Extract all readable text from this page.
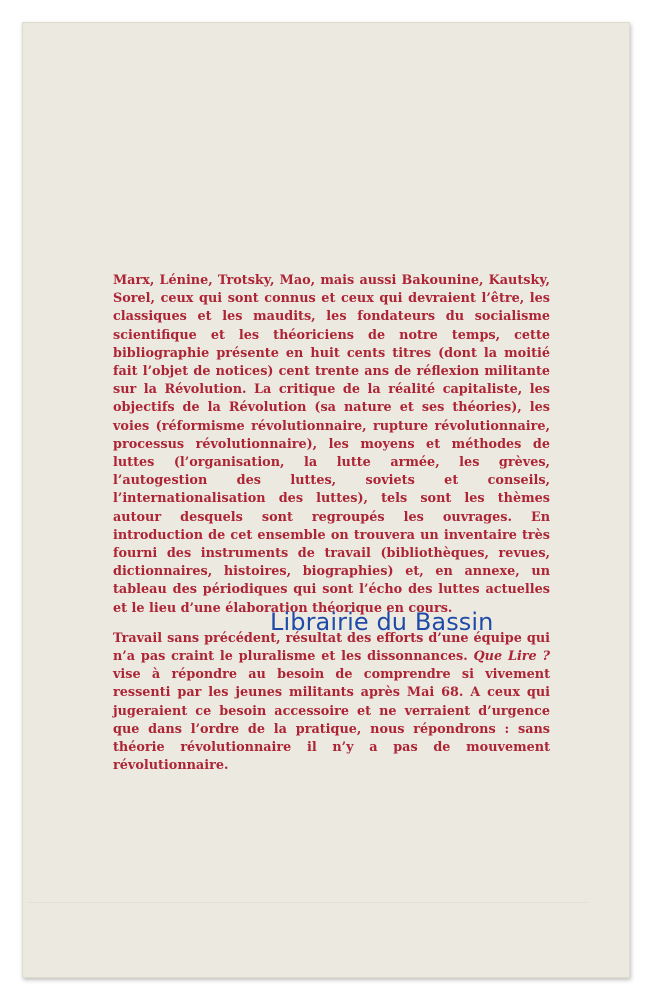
Marx, Lénine, Trotsky, Mao, mais aussi Bakounine, Kautsky, Sorel, ceux qui sont connus et ceux qui devraient l’être, les classiques et les maudits, les fondateurs du socialisme scientifique et les théoriciens de notre temps, cette bibliographie présente en huit cents titres (dont la moitié fait l’objet de notices) cent trente ans de réflexion militante sur la Révolution. La critique de la réalité capitaliste, les objectifs de la Révolution (sa nature et ses théories), les voies (réformisme révolutionnaire, rupture révolutionnaire, processus révolutionnaire), les moyens et méthodes de luttes (l’organisation, la lutte armée, les grèves, l’autogestion des luttes, soviets et conseils, l’internationalisation des luttes), tels sont les thèmes autour desquels sont regroupés les ouvrages. En introduction de cet ensemble on trouvera un inventaire très fourni des instruments de travail (bibliothèques, revues, dictionnaires, histoires, biographies) et, en annexe, un tableau des périodiques qui sont l’écho des luttes actuelles et le lieu d’une élaboration théorique en cours.
Travail sans précédent, résultat des efforts d’une équipe qui n’a pas craint le pluralisme et les dissonnances. Que Lire ? vise à répondre au besoin de comprendre si vivement ressenti par les jeunes militants après Mai 68. A ceux qui jugeraient ce besoin accessoire et ne verraient d’urgence que dans l’ordre de la pratique, nous répondrons : sans théorie révolutionnaire il n’y a pas de mouvement révolutionnaire.
Librairie du Bassin
